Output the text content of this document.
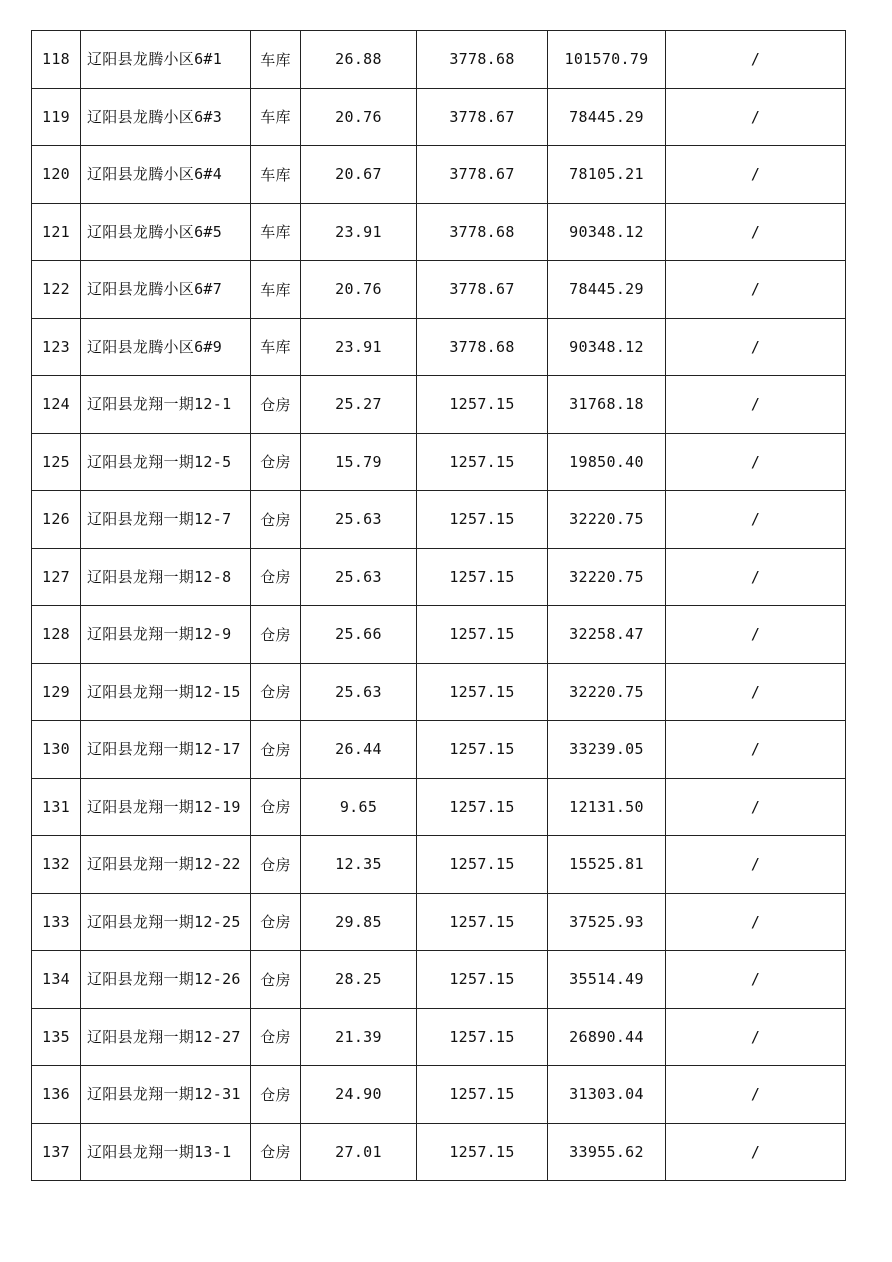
118	辽阳县龙腾小区6#1	车库	26.88	3778.68	101570.79	/
119	辽阳县龙腾小区6#3	车库	20.76	3778.67	78445.29	/
120	辽阳县龙腾小区6#4	车库	20.67	3778.67	78105.21	/
121	辽阳县龙腾小区6#5	车库	23.91	3778.68	90348.12	/
122	辽阳县龙腾小区6#7	车库	20.76	3778.67	78445.29	/
123	辽阳县龙腾小区6#9	车库	23.91	3778.68	90348.12	/
124	辽阳县龙翔一期12-1	仓房	25.27	1257.15	31768.18	/
125	辽阳县龙翔一期12-5	仓房	15.79	1257.15	19850.40	/
126	辽阳县龙翔一期12-7	仓房	25.63	1257.15	32220.75	/
127	辽阳县龙翔一期12-8	仓房	25.63	1257.15	32220.75	/
128	辽阳县龙翔一期12-9	仓房	25.66	1257.15	32258.47	/
129	辽阳县龙翔一期12-15	仓房	25.63	1257.15	32220.75	/
130	辽阳县龙翔一期12-17	仓房	26.44	1257.15	33239.05	/
131	辽阳县龙翔一期12-19	仓房	9.65	1257.15	12131.50	/
132	辽阳县龙翔一期12-22	仓房	12.35	1257.15	15525.81	/
133	辽阳县龙翔一期12-25	仓房	29.85	1257.15	37525.93	/
134	辽阳县龙翔一期12-26	仓房	28.25	1257.15	35514.49	/
135	辽阳县龙翔一期12-27	仓房	21.39	1257.15	26890.44	/
136	辽阳县龙翔一期12-31	仓房	24.90	1257.15	31303.04	/
137	辽阳县龙翔一期13-1	仓房	27.01	1257.15	33955.62	/
